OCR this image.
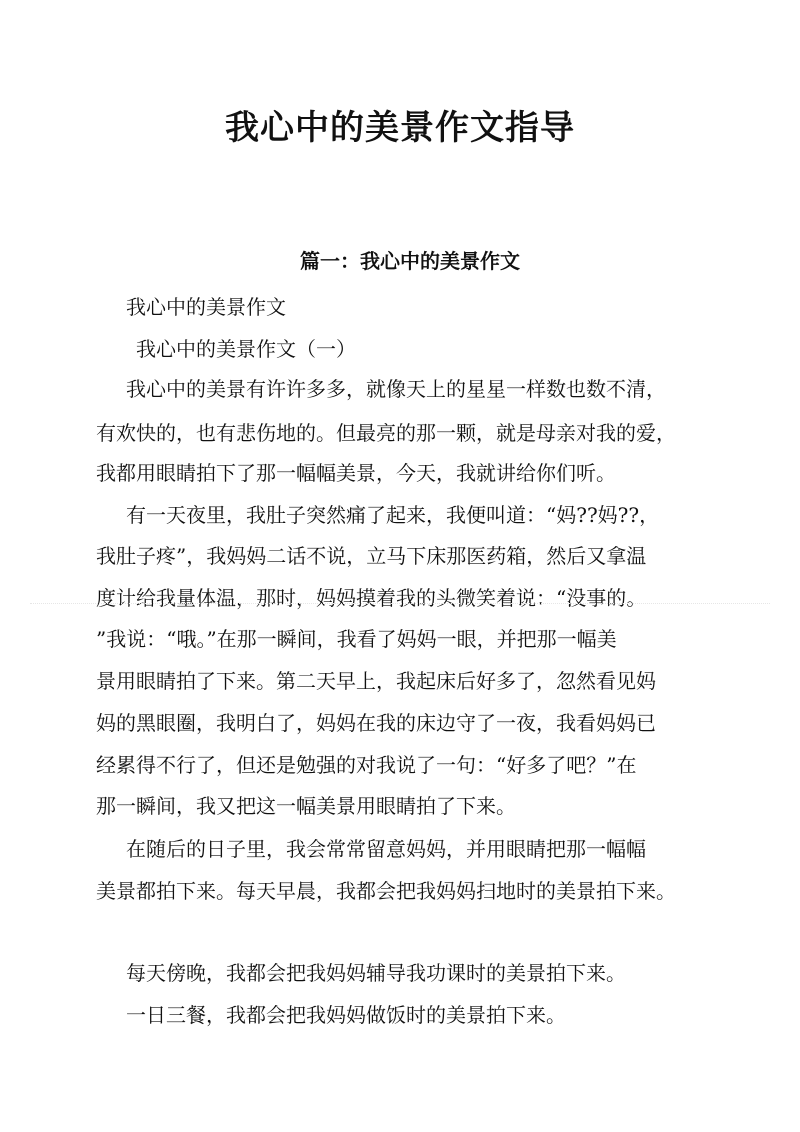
我心中的美景作文指导
篇一：我心中的美景作文

我心中的美景作文

我心中的美景作文（一）

我心中的美景有许许多多，就像天上的星星一样数也数不清，

有欢快的，也有悲伤地的。但最亮的那一颗，就是母亲对我的爱，

我都用眼睛拍下了那一幅幅美景，今天，我就讲给你们听。

有一天夜里，我肚子突然痛了起来，我便叫道：“妈??妈??，

我肚子疼”，我妈妈二话不说，立马下床那医药箱，然后又拿温

度计给我量体温，那时，妈妈摸着我的头微笑着说：“没事的。

”我说：“哦。”在那一瞬间，我看了妈妈一眼，并把那一幅美

景用眼睛拍了下来。第二天早上，我起床后好多了，忽然看见妈

妈的黑眼圈，我明白了，妈妈在我的床边守了一夜，我看妈妈已

经累得不行了，但还是勉强的对我说了一句：“好多了吧？”在

那一瞬间，我又把这一幅美景用眼睛拍了下来。

在随后的日子里，我会常常留意妈妈，并用眼睛把那一幅幅

美景都拍下来。每天早晨，我都会把我妈妈扫地时的美景拍下来。

每天傍晚，我都会把我妈妈辅导我功课时的美景拍下来。

一日三餐，我都会把我妈妈做饭时的美景拍下来。
